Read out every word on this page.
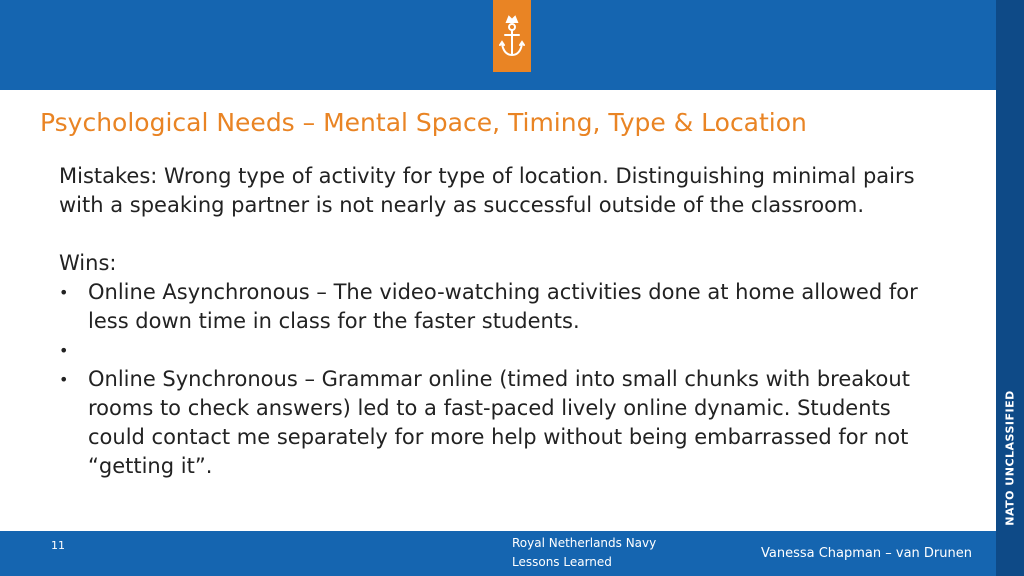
NATO UNCLASSIFIED
Psychological Needs – Mental Space, Timing, Type & Location

Mistakes: Wrong type of activity for type of location. Distinguishing minimal pairs with a speaking partner is not nearly as successful outside of the classroom.

Wins:

• Online Asynchronous – The video-watching activities done at home allowed for less down time in class for the faster students.
•
• Online Synchronous – Grammar online (timed into small chunks with breakout rooms to check answers) led to a fast-paced lively online dynamic. Students could contact me separately for more help without being embarrassed for not “getting it”.
11	Royal Netherlands Navy
Lessons Learned
Vanessa Chapman – van Drunen
